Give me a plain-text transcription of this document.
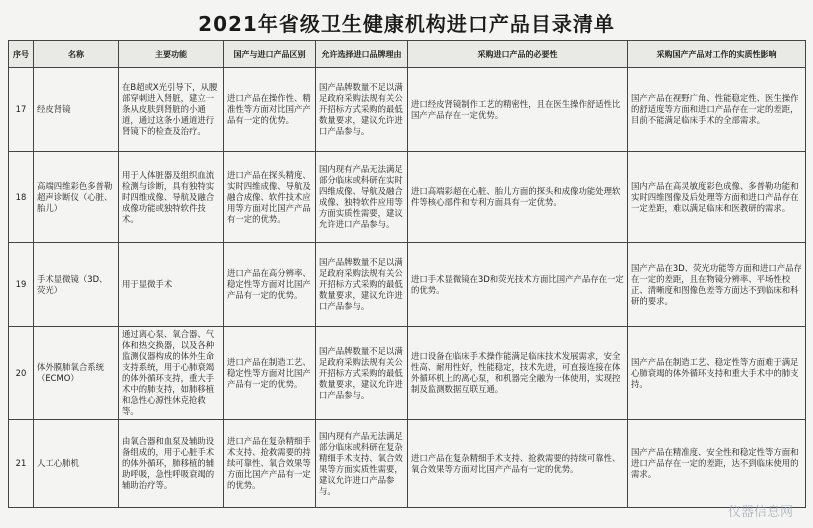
2021年省级卫生健康机构进口产品目录清单
序号	名称	主要功能	国产与进口产品区别	允许选择进口品牌理由	采购进口产品的必要性	采购国产产品对工作的实质性影响
17	经皮肾镜	在B超或X光引导下，从腰部穿刺进入肾脏，建立一条从皮肤到肾脏的小通道，通过这条小通道进行肾镜下的检查及治疗。	进口产品在操作性、精准性等方面对比国产产品有一定的优势。	国产品牌数量不足以满足政府采购法规有关公开招标方式采购的最低数量要求，建议允许进口产品参与。	进口经皮肾镜制作工艺的精密性，且在医生操作舒适性比国产产品存在一定优势。	国产产品在视野广角、性能稳定性、医生操作的舒适度等方面和进口产品存在一定的差距，目前不能满足临床手术的全部需求。
18	高端四维彩色多普勒超声诊断仪（心脏、胎儿）	用于人体脏器及组织血流检测与诊断，具有独特实时四维成像、导航及融合成像功能或独特软件技术。	进口产品在探头精度、实时四维成像、导航及融合成像、软件技术应用等方面对比国产产品有一定的优势。	国内现有产品无法满足部分临床或科研在实时四维成像、导航及融合成像、独特软件应用等方面实质性需要，建议允许进口产品参与。	进口高端彩超在心脏、胎儿方面的探头和成像功能处理软件等核心部件和专利方面具有一定优势。	国内产品在高灵敏度彩色成像、多普勒功能和实时四维图像及后处理等方面和进口产品存在一定差距，难以满足临床和医教研的需求。
19	手术显微镜（3D、荧光）	用于显微手术	进口产品在高分辨率、稳定性等方面对比国产产品有一定的优势。	国产品牌数量不足以满足政府采购法规有关公开招标方式采购的最低数量要求，建议允许进口产品参与。	进口手术显微镜在3D和荧光技术方面比国产产品存在一定的优势。	国产产品在3D、荧光功能等方面和进口产品存在一定的差距，且在物镜分辨率、平场性校正、清晰度和图像色差等方面达不到临床和科研的要求。
20	体外膜肺氧合系统（ECMO）	通过离心泵、氧合器、气体和热交换器，以及各种监测仪器构成的体外生命支持系统，用于心肺衰竭的体外循环支持，重大手术中的肺支持，如肺移植和急性心源性休克抢救等。	进口产品在制造工艺、稳定性等方面对比国产产品有一定的优势。	国产品牌数量不足以满足政府采购法规有关公开招标方式采购的最低数量要求，建议允许进口产品参与。	进口设备在临床手术操作能满足临床技术发展需求，安全性高、耐用性好，性能稳定，技术先进，可直接连接在体外循环机上的离心泵，和机器完全融为一体使用，实现控制及监测数据互联互通。	国产产品在制造工艺、稳定性等方面难于满足心肺衰竭的体外循环支持和重大手术中的肺支持。
21	人工心肺机	由氧合器和血泵及辅助设备组成的，用于心脏手术的体外循环，肺移植的辅助呼吸，急性呼吸衰竭的辅助治疗等。	进口产品在复杂精细手术支持、抢救需要的持续可靠性、氧合效果等方面比国产产品有一定的优势。	国内现有产品无法满足部分临床或科研在复杂精细手术支持、氧合效果等方面实质性需要，建议允许进口产品参与。	进口产品在复杂精细手术支持、抢救需要的持续可靠性、氧合效果等方面对比国产产品有一定的优势。	国产产品在精准度、安全性和稳定性等方面和进口产品存在一定的差距，达不到临床使用的需求。
仪器信息网
